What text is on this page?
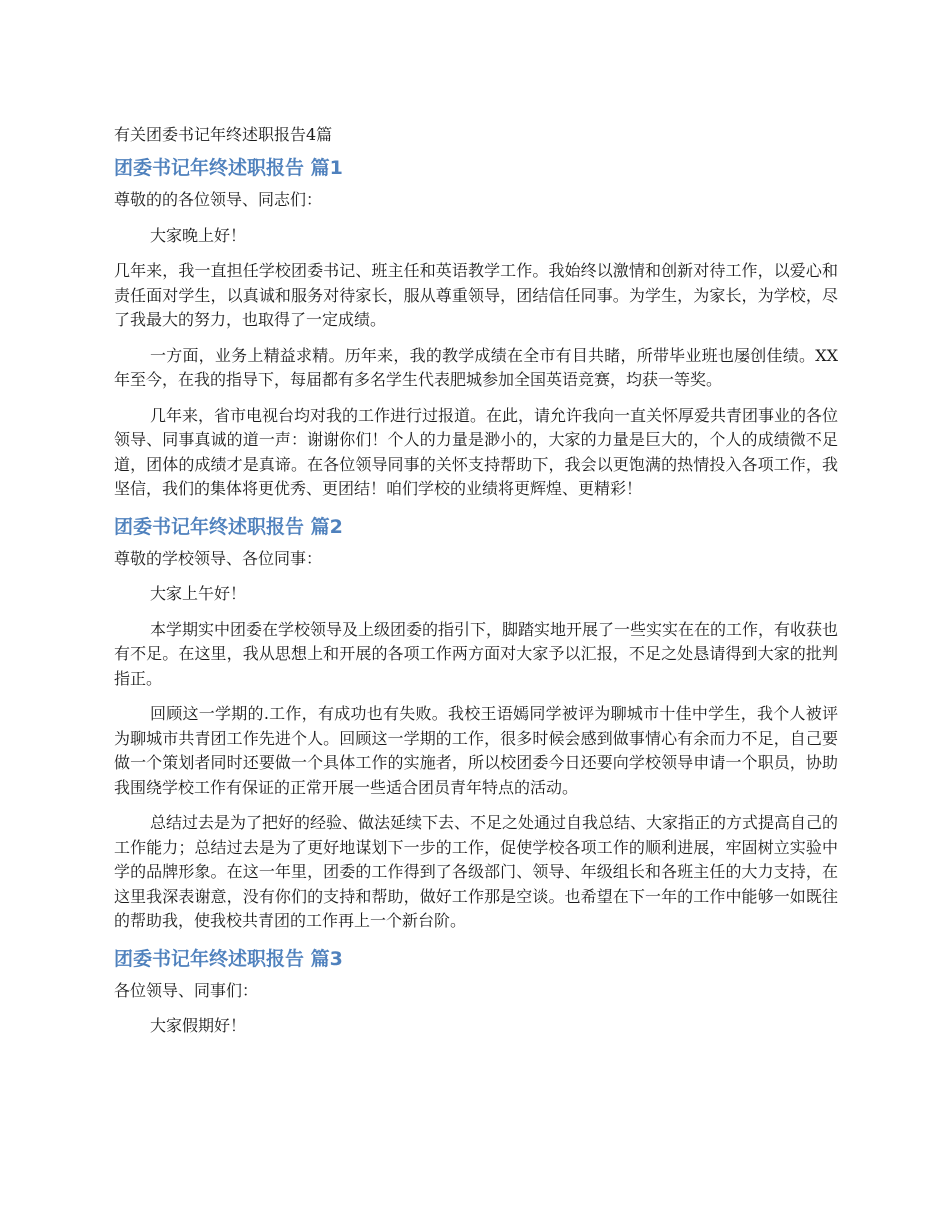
有关团委书记年终述职报告4篇
团委书记年终述职报告 篇1

尊敬的的各位领导、同志们：

大家晚上好！

几年来，我一直担任学校团委书记、班主任和英语教学工作。我始终以激情和创新对待工作，以爱心和责任面对学生，以真诚和服务对待家长，服从尊重领导，团结信任同事。为学生，为家长，为学校，尽了我最大的努力，也取得了一定成绩。

一方面，业务上精益求精。历年来，我的教学成绩在全市有目共睹，所带毕业班也屡创佳绩。XX年至今，在我的指导下，每届都有多名学生代表肥城参加全国英语竞赛，均获一等奖。

几年来，省市电视台均对我的工作进行过报道。在此，请允许我向一直关怀厚爱共青团事业的各位领导、同事真诚的道一声：谢谢你们！个人的力量是渺小的，大家的力量是巨大的，个人的成绩微不足道，团体的成绩才是真谛。在各位领导同事的关怀支持帮助下，我会以更饱满的热情投入各项工作，我坚信，我们的集体将更优秀、更团结！咱们学校的业绩将更辉煌、更精彩！

团委书记年终述职报告 篇2

尊敬的学校领导、各位同事：

大家上午好！

本学期实中团委在学校领导及上级团委的指引下，脚踏实地开展了一些实实在在的工作，有收获也有不足。在这里，我从思想上和开展的各项工作两方面对大家予以汇报，不足之处恳请得到大家的批判指正。

回顾这一学期的.工作，有成功也有失败。我校王语嫣同学被评为聊城市十佳中学生，我个人被评为聊城市共青团工作先进个人。回顾这一学期的工作，很多时候会感到做事情心有余而力不足，自己要做一个策划者同时还要做一个具体工作的实施者，所以校团委今日还要向学校领导申请一个职员，协助我围绕学校工作有保证的正常开展一些适合团员青年特点的活动。

总结过去是为了把好的经验、做法延续下去、不足之处通过自我总结、大家指正的方式提高自己的工作能力；总结过去是为了更好地谋划下一步的工作，促使学校各项工作的顺利进展，牢固树立实验中学的品牌形象。在这一年里，团委的工作得到了各级部门、领导、年级组长和各班主任的大力支持，在这里我深表谢意，没有你们的支持和帮助，做好工作那是空谈。也希望在下一年的工作中能够一如既往的帮助我，使我校共青团的工作再上一个新台阶。

团委书记年终述职报告 篇3

各位领导、同事们：

大家假期好！
